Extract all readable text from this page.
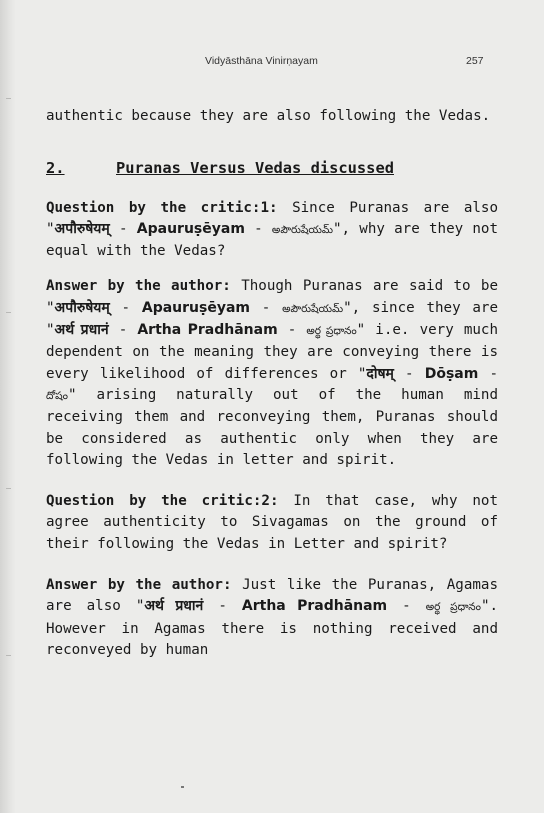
Vidyāsthāna Vinirṇayam	257

authentic because they are also following the Vedas.

2.	Puranas Versus Vedas discussed

Question by the critic:1: Since Puranas are also "अपौरुषेयम् - Apauruṣēyam - అపౌరుషేయమ్", why are they not equal with the Vedas?

Answer by the author: Though Puranas are said to be "अपौरुषेयम् - Apauruṣēyam - అపౌరుషేయమ్", since they are "अर्थ प्रधानं - Artha Pradhānam - అర్థ ప్రధానం" i.e. very much dependent on the meaning they are conveying there is every likelihood of differences or "दोषम् - Dōṣam - దోషం" arising naturally out of the human mind receiving them and reconveying them, Puranas should be considered as authentic only when they are following the Vedas in letter and spirit.

Question by the critic:2: In that case, why not agree authenticity to Sivagamas on the ground of their following the Vedas in Letter and spirit?

Answer by the author: Just like the Puranas, Agamas are also "अर्थ प्रधानं - Artha Pradhānam - అర్థ ప్రధానం". However in Agamas there is nothing received and reconveyed by human
